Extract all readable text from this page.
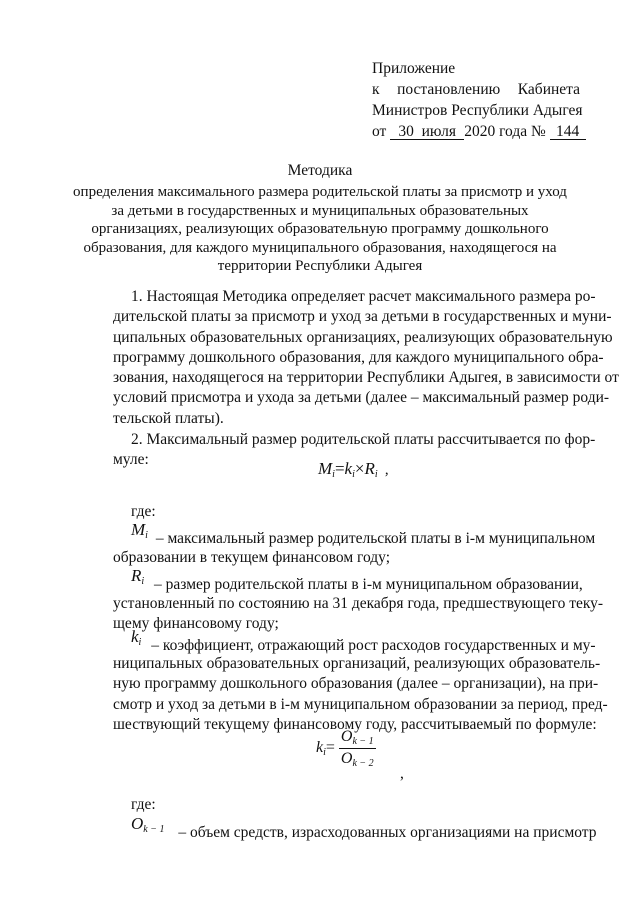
Приложение
к постановлению Кабинета
Министров Республики Адыгея
от 30 июля 2020 года № 144
Методика
определения максимального размера родительской платы за присмотр и уход за детьми в государственных и муниципальных образовательных организациях, реализующих образовательную программу дошкольного образования, для каждого муниципального образования, находящегося на территории Республики Адыгея
1. Настоящая Методика определяет расчет максимального размера ро-
дительской платы за присмотр и уход за детьми в государственных и муни-
ципальных образовательных организациях, реализующих образовательную
программу дошкольного образования, для каждого муниципального обра-
зования, находящегося на территории Республики Адыгея, в зависимости от
условий присмотра и ухода за детьми (далее – максимальный размер роди-
тельской платы).
2. Максимальный размер родительской платы рассчитывается по фор-
муле:	$M_i=k_i\times R_i$ ,
где:
$M_i$ – максимальный размер родительской платы в i-м муниципальном
образовании в текущем финансовом году;
$R_i$ – размер родительской платы в i-м муниципальном образовании,
установленный по состоянию на 31 декабря года, предшествующего теку-
щему финансовому году;
$k_i$ – коэффициент, отражающий рост расходов государственных и му-
ниципальных образовательных организаций, реализующих образователь-
ную программу дошкольного образования (далее – организации), на при-
смотр и уход за детьми в i-м муниципальном образовании за период, пред-
шествующий текущему финансовому году, рассчитываемый по формуле:
$k_i= \frac{O_{k - 1}}{O_{k - 2}}$
,
где:
$O_{k - 1}$ – объем средств, израсходованных организациями на присмотр
